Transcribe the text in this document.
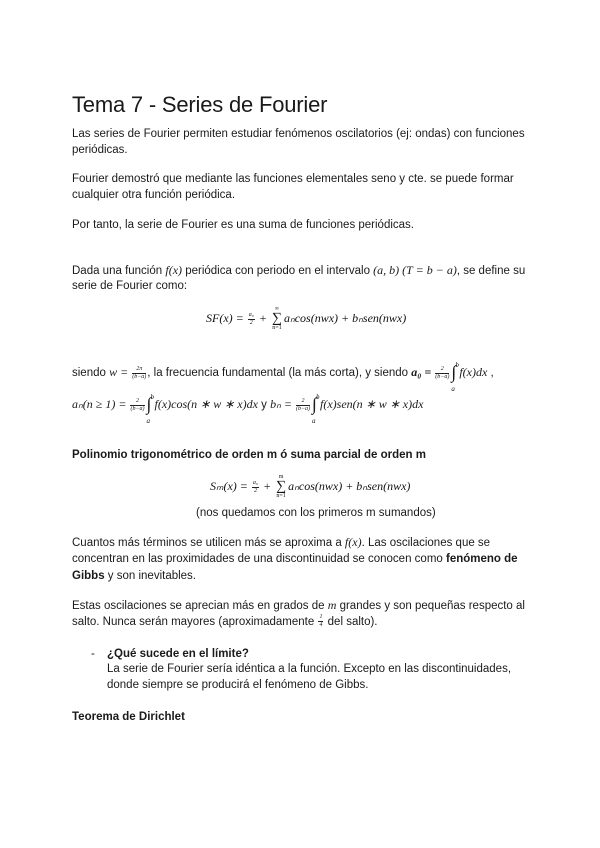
Tema 7 - Series de Fourier
Las series de Fourier permiten estudiar fenómenos oscilatorios (ej: ondas) con funciones
periódicas.
Fourier demostró que mediante las funciones elementales seno y cte. se puede formar
cualquier otra función periódica.
Por tanto, la serie de Fourier es una suma de funciones periódicas.
Dada una función f(x) periódica con periodo en el intervalo (a, b) (T = b − a), se define su
serie de Fourier como:
$SF(x) = \frac{\text{a₀}}{2}$ + ∞
∑
n=1aₙcos(nwx) + bₙsen(nwx)
siendo $w = \frac{2\pi}{(b-a)}$ , la frecuencia fundamental (la más corta), y siendo $a_0 = \frac{2}{(b-a)}$ ∫ b
a
f(x)dx ,
$a_n(n \ge 1) = \frac{2}{(b-a)}$ ∫ b
a
f(x)cos(n ∗ w ∗ x)dx y $b_n = \frac{2}{(b-a)}$ ∫ b
a
f(x)sen(n ∗ w ∗ x)dx
Polinomio trigonométrico de orden m ó suma parcial de orden m
$S_m(x) = \frac{\text{a₀}}{2} + m$
∑
n=1aₙcos(nwx) + bₙsen(nwx)
(nos quedamos con los primeros m sumandos)
Cuantos más términos se utilicen más se aproxima a f(x). Las oscilaciones que se
concentran en las proximidades de una discontinuidad se conocen como fenómeno de
Gibbs y son inevitables.
Estas oscilaciones se aprecian más en grados de m grandes y son pequeñas respecto al
salto. Nunca serán mayores (aproximadamente $\frac{1}{4}$ del salto).
- ¿Qué sucede en el límite?
La serie de Fourier sería idéntica a la función. Excepto en las discontinuidades,
donde siempre se producirá el fenómeno de Gibbs.
Teorema de Dirichlet
